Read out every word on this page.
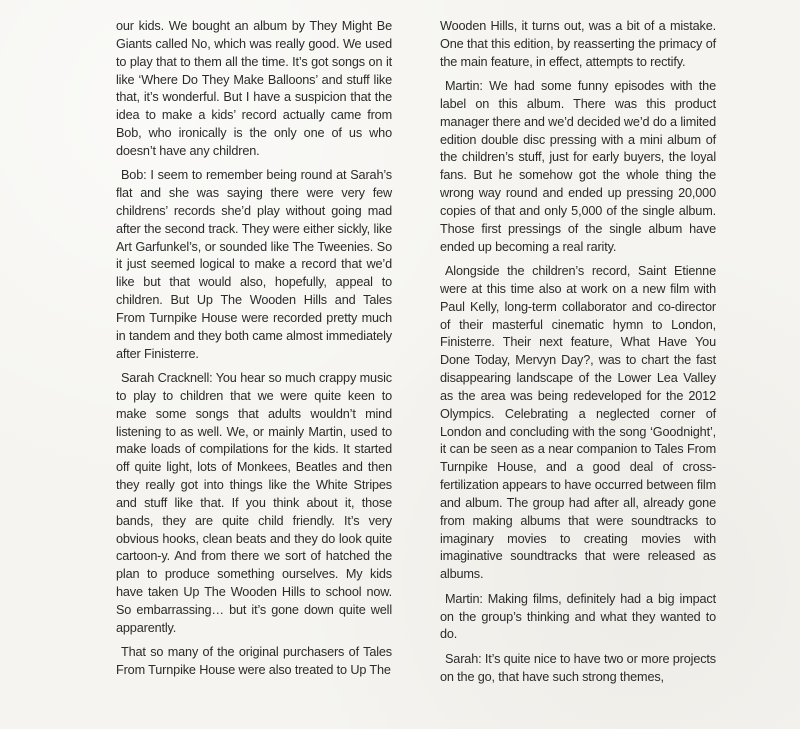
our kids. We bought an album by They Might Be Giants called No, which was really good. We used to play that to them all the time. It’s got songs on it like ‘Where Do They Make Balloons’ and stuff like that, it’s wonderful. But I have a suspicion that the idea to make a kids’ record actually came from Bob, who ironically is the only one of us who doesn’t have any children.

Bob: I seem to remember being round at Sarah’s flat and she was saying there were very few childrens’ records she’d play without going mad after the second track. They were either sickly, like Art Garfunkel’s, or sounded like The Tweenies. So it just seemed logical to make a record that we’d like but that would also, hopefully, appeal to children. But Up The Wooden Hills and Tales From Turnpike House were recorded pretty much in tandem and they both came almost immediately after Finisterre.

Sarah Cracknell: You hear so much crappy music to play to children that we were quite keen to make some songs that adults wouldn’t mind listening to as well. We, or mainly Martin, used to make loads of compilations for the kids. It started off quite light, lots of Monkees, Beatles and then they really got into things like the White Stripes and stuff like that. If you think about it, those bands, they are quite child friendly. It’s very obvious hooks, clean beats and they do look quite cartoon-y. And from there we sort of hatched the plan to produce something ourselves. My kids have taken Up The Wooden Hills to school now. So embarrassing… but it’s gone down quite well apparently.

That so many of the original purchasers of Tales From Turnpike House were also treated to Up The

Wooden Hills, it turns out, was a bit of a mistake. One that this edition, by reasserting the primacy of the main feature, in effect, attempts to rectify.

Martin: We had some funny episodes with the label on this album. There was this product manager there and we’d decided we’d do a limited edition double disc pressing with a mini album of the children’s stuff, just for early buyers, the loyal fans. But he somehow got the whole thing the wrong way round and ended up pressing 20,000 copies of that and only 5,000 of the single album. Those first pressings of the single album have ended up becoming a real rarity.

Alongside the children’s record, Saint Etienne were at this time also at work on a new film with Paul Kelly, long-term collaborator and co-director of their masterful cinematic hymn to London, Finisterre. Their next feature, What Have You Done Today, Mervyn Day?, was to chart the fast disappearing landscape of the Lower Lea Valley as the area was being redeveloped for the 2012 Olympics. Celebrating a neglected corner of London and concluding with the song ‘Goodnight’, it can be seen as a near companion to Tales From Turnpike House, and a good deal of cross-fertilization appears to have occurred between film and album. The group had after all, already gone from making albums that were soundtracks to imaginary movies to creating movies with imaginative soundtracks that were released as albums.

Martin: Making films, definitely had a big impact on the group’s thinking and what they wanted to do.

Sarah: It’s quite nice to have two or more projects on the go, that have such strong themes,
